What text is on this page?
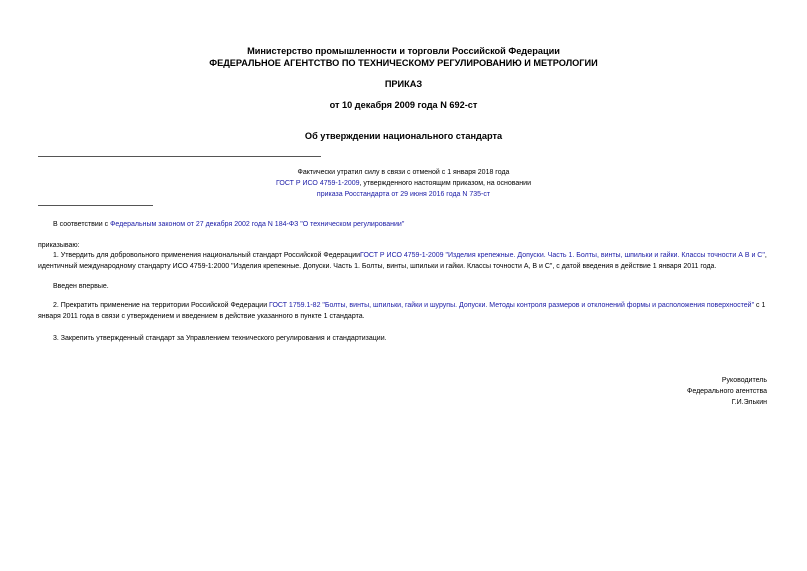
Министерство промышленности и торговли Российской Федерации
ФЕДЕРАЛЬНОЕ АГЕНТСТВО ПО ТЕХНИЧЕСКОМУ РЕГУЛИРОВАНИЮ И МЕТРОЛОГИИ
ПРИКАЗ
от 10 декабря 2009 года N 692-ст
Об утверждении национального стандарта
Фактически утратил силу в связи с отменой с 1 января 2018 года
ГОСТ Р ИСО 4759-1-2009, утвержденного настоящим приказом, на основании
приказа Росстандарта от 29 июня 2016 года N 735-ст
В соответствии с Федеральным законом от 27 декабря 2002 года N 184-ФЗ "О техническом регулировании"
приказываю:
1. Утвердить для добровольного применения национальный стандарт Российской ФедерацииГОСТ Р ИСО 4759-1-2009 "Изделия крепежные. Допуски. Часть 1. Болты, винты, шпильки и гайки. Классы точности А В и С", идентичный международному стандарту ИСО 4759-1:2000 "Изделия крепежные. Допуски. Часть 1. Болты, винты, шпильки и гайки. Классы точности А, В и С", с датой введения в действие 1 января 2011 года.
Введен впервые.
2. Прекратить применение на территории Российской Федерации ГОСТ 1759.1-82 "Болты, винты, шпильки, гайки и шурупы. Допуски. Методы контроля размеров и отклонений формы и расположения поверхностей" с 1 января 2011 года в связи с утверждением и введением в действие указанного в пункте 1 стандарта.
3. Закрепить утвержденный стандарт за Управлением технического регулирования и стандартизации.
Руководитель
Федерального агентства
Г.И.Элькин
